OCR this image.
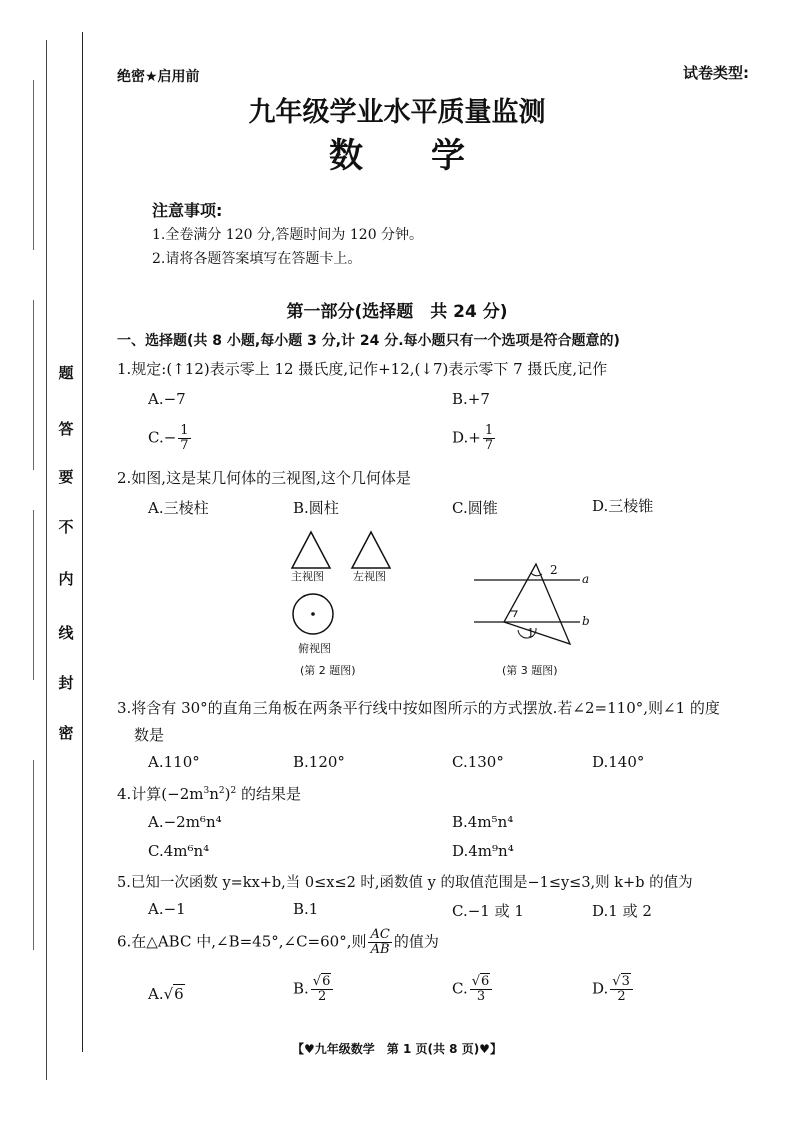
题
答
要
不
内
线
封
密
绝密★启用前	试卷类型:
九年级学业水平质量监测
数　　学
注意事项:
1.全卷满分 120 分,答题时间为 120 分钟。
2.请将各题答案填写在答题卡上。
第一部分(选择题　共 24 分)
一、选择题(共 8 小题,每小题 3 分,计 24 分.每小题只有一个选项是符合题意的)
1.规定:(↑12)表示零上 12 摄氏度,记作+12,(↓7)表示零下 7 摄氏度,记作
A.−7	B.+7
$C.- \frac{1}{7}$	$D.+ \frac{1}{7}$
2.如图,这是某几何体的三视图,这个几何体是
A.三棱柱	B.圆柱	C.圆锥	D.三棱锥
主视图	左视图
俯视图
(第 2 题图)
2
a
b
1
(第 3 题图)
3.将含有 30°的直角三角板在两条平行线中按如图所示的方式摆放.若∠2=110°,则∠1 的度
数是
A.110°	B.120°	C.130°	D.140°
4.计算$(-2m^3n^2)^2$ 的结果是
A.−2m⁶n⁴	B.4m⁵n⁴
C.4m⁶n⁴	D.4m⁹n⁴
5.已知一次函数 y=kx+b,当 0≤x≤2 时,函数值 y 的取值范围是−1≤y≤3,则 k+b 的值为
A.−1	B.1	C.−1 或 1	D.1 或 2
6.在△ABC 中,∠B=45°,∠C=60°,则 $\frac{AC}{AB}$ 的值为
A.√6	B. $\frac{√6}{2}$	C. $\frac{√6}{3}$	D. $\frac{√3}{2}$
【♥九年级数学　第 1 页(共 8 页)♥】
